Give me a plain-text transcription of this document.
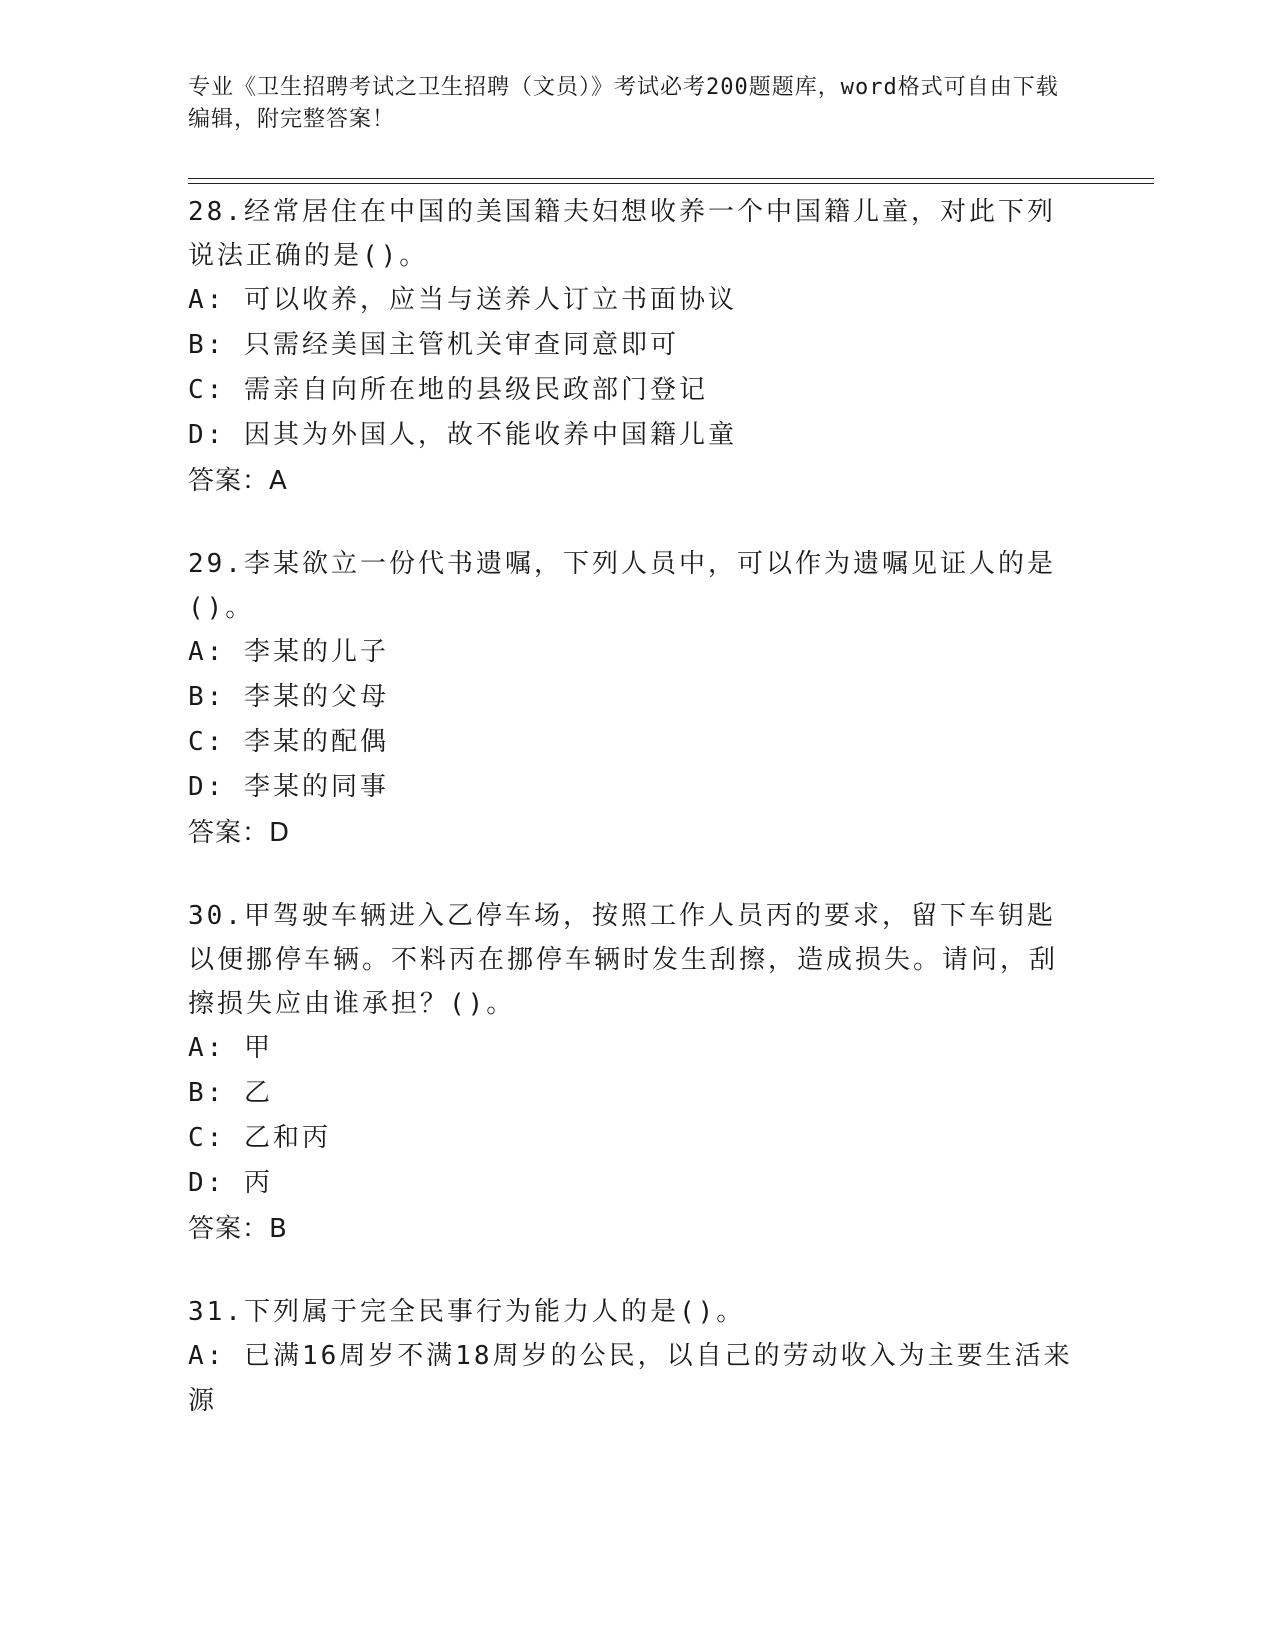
专业《卫生招聘考试之卫生招聘（文员）》考试必考200题题库，word格式可自由下载编辑，附完整答案！

28.经常居住在中国的美国籍夫妇想收养一个中国籍儿童，对此下列说法正确的是()。

A: 可以收养，应当与送养人订立书面协议

B: 只需经美国主管机关审查同意即可

C: 需亲自向所在地的县级民政部门登记

D: 因其为外国人，故不能收养中国籍儿童

答案：A

29.李某欲立一份代书遗嘱，下列人员中，可以作为遗嘱见证人的是()。

A: 李某的儿子

B: 李某的父母

C: 李某的配偶

D: 李某的同事

答案：D

30.甲驾驶车辆进入乙停车场，按照工作人员丙的要求，留下车钥匙以便挪停车辆。不料丙在挪停车辆时发生刮擦，造成损失。请问，刮擦损失应由谁承担？()。

A: 甲

B: 乙

C: 乙和丙

D: 丙

答案：B

31.下列属于完全民事行为能力人的是()。

A: 已满16周岁不满18周岁的公民，以自己的劳动收入为主要生活来源
